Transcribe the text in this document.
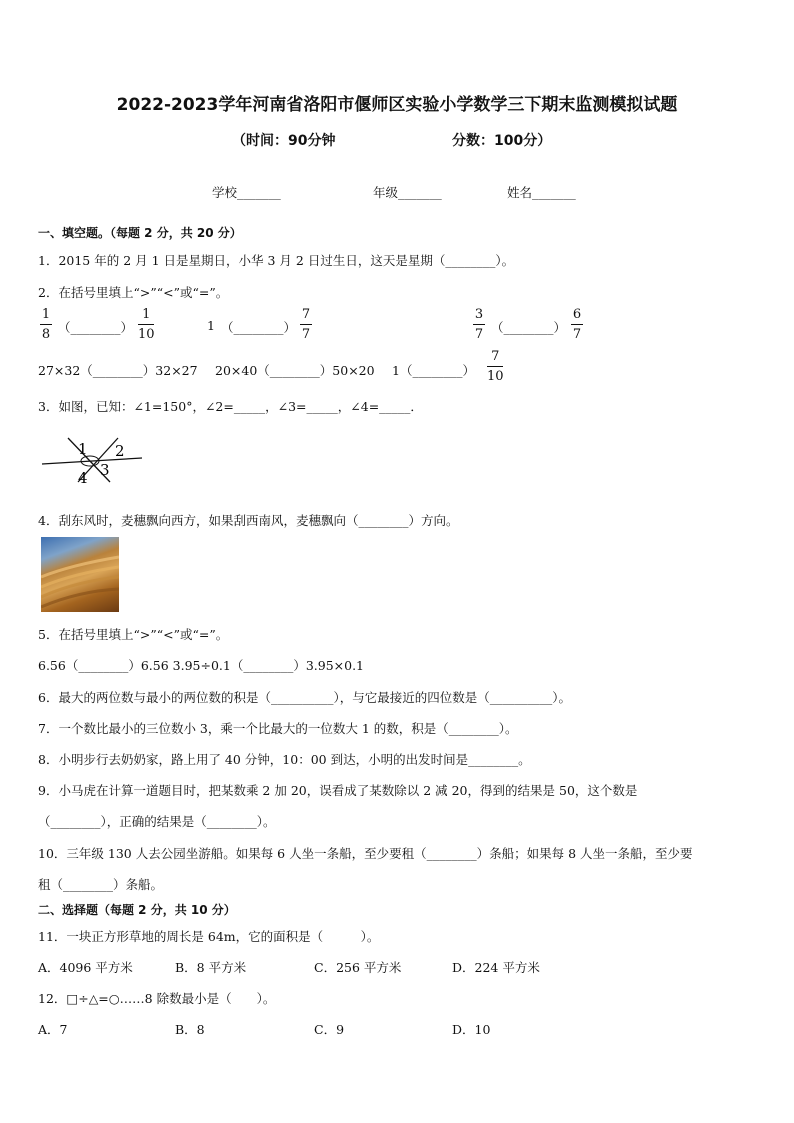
2022-2023学年河南省洛阳市偃师区实验小学数学三下期末监测模拟试题
（时间：90分钟	分数：100分）
学校_______	年级_______	姓名_______
一、填空题。（每题 2 分，共 20 分）
1．2015 年的 2 月 1 日是星期日，小华 3 月 2 日过生日，这天是星期（________）。
2．在括号里填上“>”“<”或“=”。
1
8 （________）
1
10
1 （________）
7
7
3
7 （________）
6
7
27×32（________）32×27 20×40（________）50×20 1（________）
7
10
3．如图，已知：∠1=150°，∠2=_____，∠3=_____，∠4=_____．
1 2
3
4
4．刮东风时，麦穗飘向西方，如果刮西南风，麦穗飘向（________）方向。
5．在括号里填上“>”“<”或“=”。
6.56（________）6.56 3.95÷0.1（________）3.95×0.1
6．最大的两位数与最小的两位数的积是（__________），与它最接近的四位数是（__________）。
7．一个数比最小的三位数小 3，乘一个比最大的一位数大 1 的数，积是（________）。
8．小明步行去奶奶家，路上用了 40 分钟，10：00 到达，小明的出发时间是________。
9．小马虎在计算一道题目时，把某数乘 2 加 20，误看成了某数除以 2 减 20，得到的结果是 50，这个数是
（________），正确的结果是（________）。
10．三年级 130 人去公园坐游船。如果每 6 人坐一条船，至少要租（________）条船；如果每 8 人坐一条船，至少要
租（________）条船。
二、选择题（每题 2 分，共 10 分）
11．一块正方形草地的周长是 64m，它的面积是（　　　）。
A．4096 平方米	B．8 平方米	C．256 平方米	D．224 平方米
12．□÷△=○……8 除数最小是（　　）。
A．7	B．8	C．9	D．10
